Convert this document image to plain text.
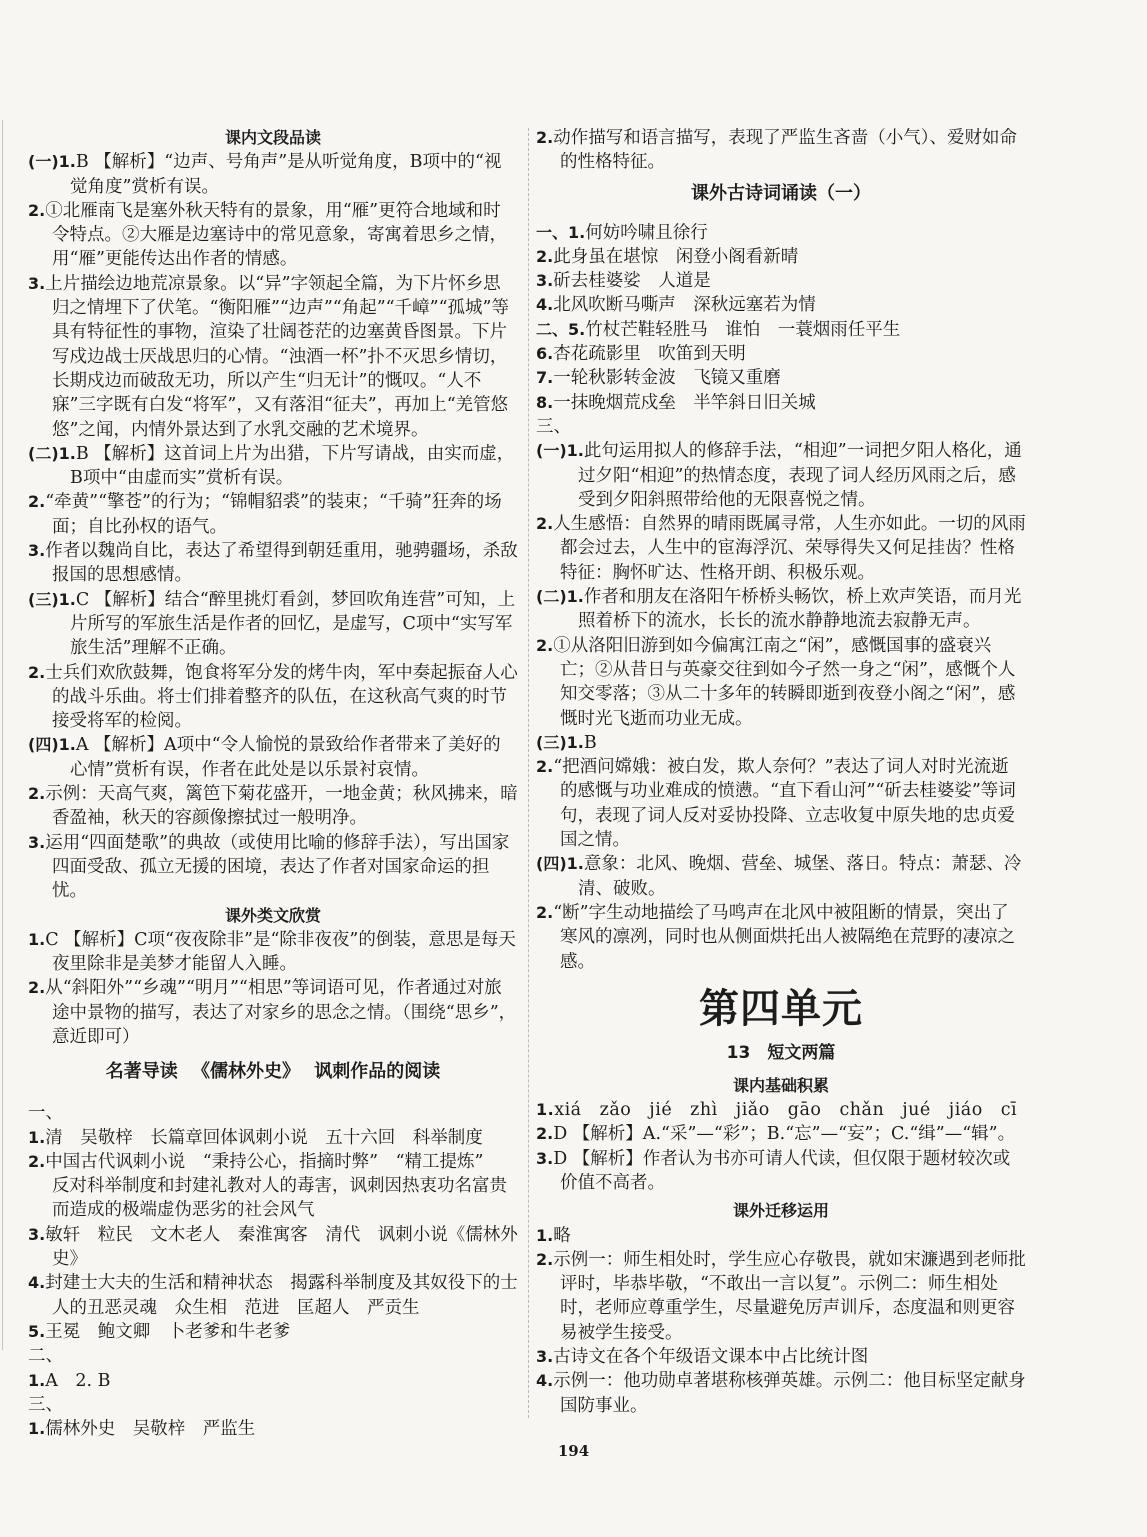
课内文段品读
(一)1.B 【解析】“边声、号角声”是从听觉角度，B项中的“视觉角度”赏析有误。
2.①北雁南飞是塞外秋天特有的景象，用“雁”更符合地域和时令特点。②大雁是边塞诗中的常见意象，寄寓着思乡之情，用“雁”更能传达出作者的情感。
3.上片描绘边地荒凉景象。以“异”字领起全篇，为下片怀乡思归之情埋下了伏笔。“衡阳雁”“边声”“角起”“千嶂”“孤城”等具有特征性的事物，渲染了壮阔苍茫的边塞黄昏图景。下片写戍边战士厌战思归的心情。“浊酒一杯”扑不灭思乡情切，长期戍边而破敌无功，所以产生“归无计”的慨叹。“人不寐”三字既有白发“将军”，又有落泪“征夫”，再加上“羌管悠悠”之闻，内情外景达到了水乳交融的艺术境界。
(二)1.B 【解析】这首词上片为出猎，下片写请战，由实而虚，B项中“由虚而实”赏析有误。
2.“牵黄”“擎苍”的行为；“锦帽貂裘”的装束；“千骑”狂奔的场面；自比孙权的语气。
3.作者以魏尚自比，表达了希望得到朝廷重用，驰骋疆场，杀敌报国的思想感情。
(三)1.C 【解析】结合“醉里挑灯看剑，梦回吹角连营”可知，上片所写的军旅生活是作者的回忆，是虚写，C项中“实写军旅生活”理解不正确。
2.士兵们欢欣鼓舞，饱食将军分发的烤牛肉，军中奏起振奋人心的战斗乐曲。将士们排着整齐的队伍，在这秋高气爽的时节接受将军的检阅。
(四)1.A 【解析】A项中“令人愉悦的景致给作者带来了美好的心情”赏析有误，作者在此处是以乐景衬哀情。
2.示例：天高气爽，篱笆下菊花盛开，一地金黄；秋风拂来，暗香盈袖，秋天的容颜像擦拭过一般明净。
3.运用“四面楚歌”的典故（或使用比喻的修辞手法），写出国家四面受敌、孤立无援的困境，表达了作者对国家命运的担忧。
课外类文欣赏
1.C 【解析】C项“夜夜除非”是“除非夜夜”的倒装，意思是每天夜里除非是美梦才能留人入睡。
2.从“斜阳外”“乡魂”“明月”“相思”等词语可见，作者通过对旅途中景物的描写，表达了对家乡的思念之情。（围绕“思乡”，意近即可）
名著导读 《儒林外史》 讽刺作品的阅读
一、
1.清　吴敬梓　长篇章回体讽刺小说　五十六回　科举制度
2.中国古代讽刺小说　“秉持公心，指摘时弊”　“精工提炼”　反对科举制度和封建礼教对人的毒害，讽刺因热衷功名富贵而造成的极端虚伪恶劣的社会风气
3.敏轩　粒民　文木老人　秦淮寓客　清代　讽刺小说《儒林外史》
4.封建士大夫的生活和精神状态　揭露科举制度及其奴役下的士人的丑恶灵魂　众生相　范进　匡超人　严贡生
5.王冕　鲍文卿　卜老爹和牛老爹
二、
1.A　2. B
三、
1.儒林外史　吴敬梓　严监生
2.动作描写和语言描写，表现了严监生吝啬（小气）、爱财如命的性格特征。
课外古诗词诵读（一）
一、1.何妨吟啸且徐行
2.此身虽在堪惊　闲登小阁看新晴
3.斫去桂婆娑　人道是
4.北风吹断马嘶声　深秋远塞若为情
二、5.竹杖芒鞋轻胜马　谁怕　一蓑烟雨任平生
6.杏花疏影里　吹笛到天明
7.一轮秋影转金波　飞镜又重磨
8.一抹晚烟荒戍垒　半竿斜日旧关城
三、
(一)1.此句运用拟人的修辞手法，“相迎”一词把夕阳人格化，通过夕阳“相迎”的热情态度，表现了词人经历风雨之后，感受到夕阳斜照带给他的无限喜悦之情。
2.人生感悟：自然界的晴雨既属寻常，人生亦如此。一切的风雨都会过去，人生中的宦海浮沉、荣辱得失又何足挂齿？性格特征：胸怀旷达、性格开朗、积极乐观。
(二)1.作者和朋友在洛阳午桥桥头畅饮，桥上欢声笑语，而月光照着桥下的流水，长长的流水静静地流去寂静无声。
2.①从洛阳旧游到如今偏寓江南之“闲”，感慨国事的盛衰兴亡；②从昔日与英豪交往到如今孑然一身之“闲”，感慨个人知交零落；③从二十多年的转瞬即逝到夜登小阁之“闲”，感慨时光飞逝而功业无成。
(三)1.B
2.“把酒问嫦娥：被白发，欺人奈何？”表达了词人对时光流逝的感慨与功业难成的愤懑。“直下看山河”“斫去桂婆娑”等词句，表现了词人反对妥协投降、立志收复中原失地的忠贞爱国之情。
(四)1.意象：北风、晚烟、营垒、城堡、落日。特点：萧瑟、冷清、破败。
2.“断”字生动地描绘了马鸣声在北风中被阻断的情景，突出了寒风的凛冽，同时也从侧面烘托出人被隔绝在荒野的凄凉之感。
第四单元
13　短文两篇
课内基础积累
1.xiá　zǎo　jié　zhì　jiǎo　gāo　chǎn　jué　jiáo　cī
2.D 【解析】A.“采”—“彩”；B.“忘”—“妄”；C.“缉”—“辑”。
3.D 【解析】作者认为书亦可请人代读，但仅限于题材较次或价值不高者。
课外迁移运用
1.略
2.示例一：师生相处时，学生应心存敬畏，就如宋濂遇到老师批评时，毕恭毕敬，“不敢出一言以复”。示例二：师生相处时，老师应尊重学生，尽量避免厉声训斥，态度温和则更容易被学生接受。
3.古诗文在各个年级语文课本中占比统计图
4.示例一：他功勋卓著堪称核弹英雄。示例二：他目标坚定献身国防事业。
194
